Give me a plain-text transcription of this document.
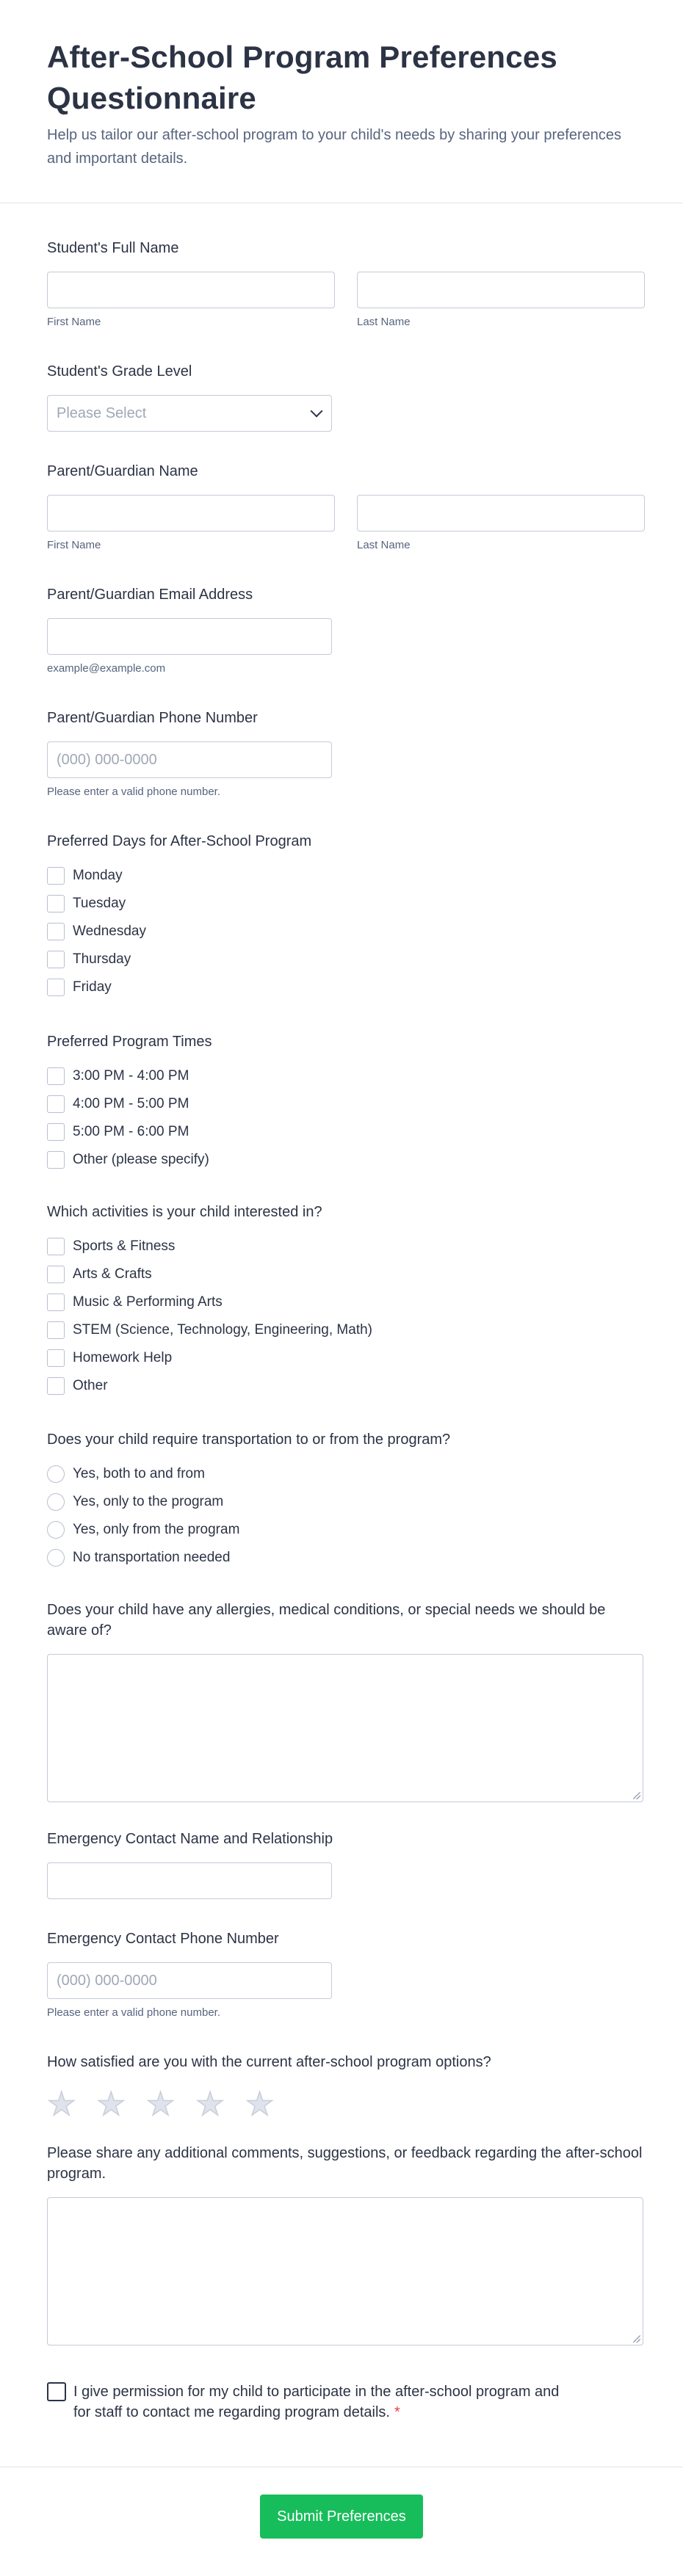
After-School Program Preferences Questionnaire

Help us tailor our after-school program to your child's needs by sharing your preferences and important details.

Student's Full Name
First Name	Last Name
Student's Grade Level
Please Select
Parent/Guardian Name
First Name	Last Name
Parent/Guardian Email Address
example@example.com
Parent/Guardian Phone Number
(000) 000-0000
Please enter a valid phone number.
Preferred Days for After-School Program
Monday
Tuesday
Wednesday
Thursday
Friday
Preferred Program Times
3:00 PM - 4:00 PM
4:00 PM - 5:00 PM
5:00 PM - 6:00 PM
Other (please specify)
Which activities is your child interested in?
Sports & Fitness
Arts & Crafts
Music & Performing Arts
STEM (Science, Technology, Engineering, Math)
Homework Help
Other
Does your child require transportation to or from the program?
Yes, both to and from
Yes, only to the program
Yes, only from the program
No transportation needed
Does your child have any allergies, medical conditions, or special needs we should be aware of?
Emergency Contact Name and Relationship
Emergency Contact Phone Number
(000) 000-0000
Please enter a valid phone number.
How satisfied are you with the current after-school program options?
★ ★ ★ ★ ★
Please share any additional comments, suggestions, or feedback regarding the after-school program.
I give permission for my child to participate in the after-school program and for staff to contact me regarding program details. *
Submit Preferences
